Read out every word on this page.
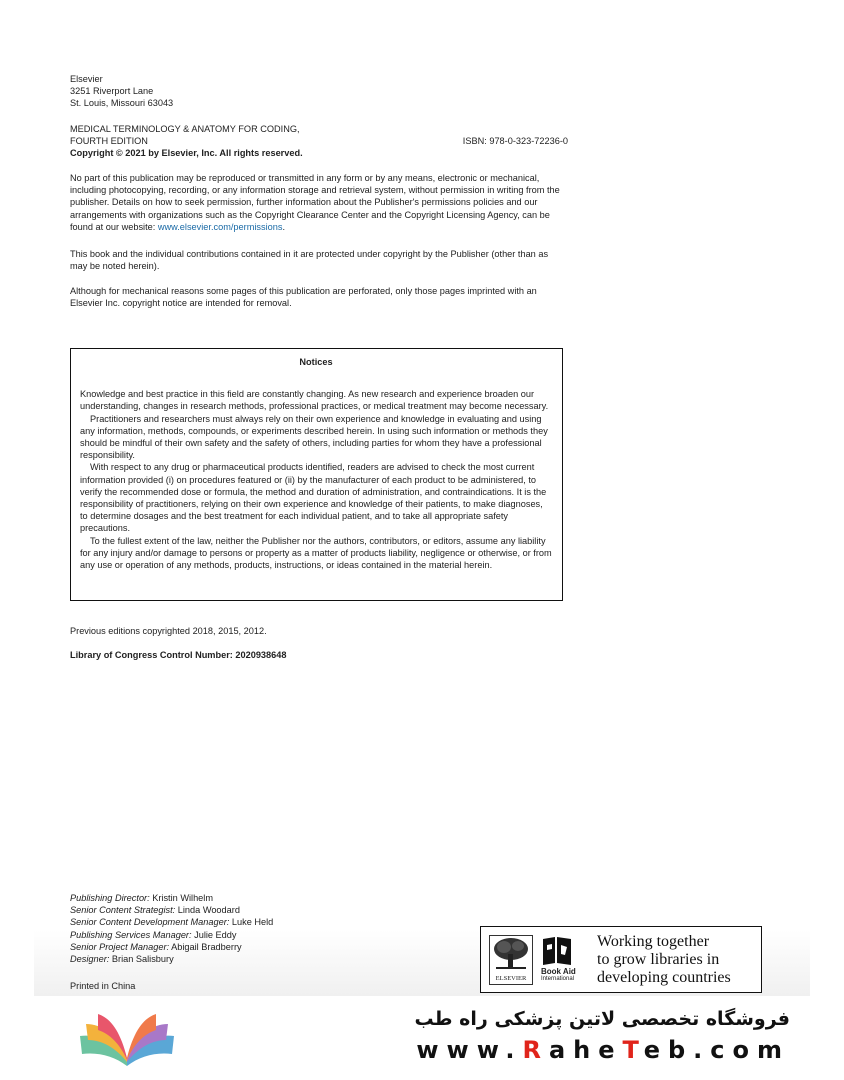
Elsevier

3251 Riverport Lane

St. Louis, Missouri 63043

MEDICAL TERMINOLOGY & ANATOMY FOR CODING,

FOURTH EDITION

Copyright © 2021 by Elsevier, Inc. All rights reserved.

ISBN: 978-0-323-72236-0

No part of this publication may be reproduced or transmitted in any form or by any means, electronic or mechanical, including photocopying, recording, or any information storage and retrieval system, without permission in writing from the publisher. Details on how to seek permission, further information about the Publisher's permissions policies and our arrangements with organizations such as the Copyright Clearance Center and the Copyright Licensing Agency, can be found at our website: www.elsevier.com/permissions.

This book and the individual contributions contained in it are protected under copyright by the Publisher (other than as may be noted herein).

Although for mechanical reasons some pages of this publication are perforated, only those pages imprinted with an Elsevier Inc. copyright notice are intended for removal.

Notices

Knowledge and best practice in this field are constantly changing. As new research and experience broaden our understanding, changes in research methods, professional practices, or medical treatment may become necessary.

Practitioners and researchers must always rely on their own experience and knowledge in evaluating and using any information, methods, compounds, or experiments described herein. In using such information or methods they should be mindful of their own safety and the safety of others, including parties for whom they have a professional responsibility.

With respect to any drug or pharmaceutical products identified, readers are advised to check the most current information provided (i) on procedures featured or (ii) by the manufacturer of each product to be administered, to verify the recommended dose or formula, the method and duration of administration, and contraindications. It is the responsibility of practitioners, relying on their own experience and knowledge of their patients, to make diagnoses, to determine dosages and the best treatment for each individual patient, and to take all appropriate safety precautions.

To the fullest extent of the law, neither the Publisher nor the authors, contributors, or editors, assume any liability for any injury and/or damage to persons or property as a matter of products liability, negligence or otherwise, or from any use or operation of any methods, products, instructions, or ideas contained in the material herein.

Previous editions copyrighted 2018, 2015, 2012.

Library of Congress Control Number: 2020938648

Publishing Director: Kristin Wilhelm

Senior Content Strategist: Linda Woodard

Senior Content Development Manager: Luke Held

Publishing Services Manager: Julie Eddy

Senior Project Manager: Abigail Bradberry

Designer: Brian Salisbury

Printed in China

ELSEVIER
Book Aid
International
Working together
to grow libraries in
developing countries
فروشگاه تخصصی لاتین پزشکی راه طب
www.RaheTeb.com
